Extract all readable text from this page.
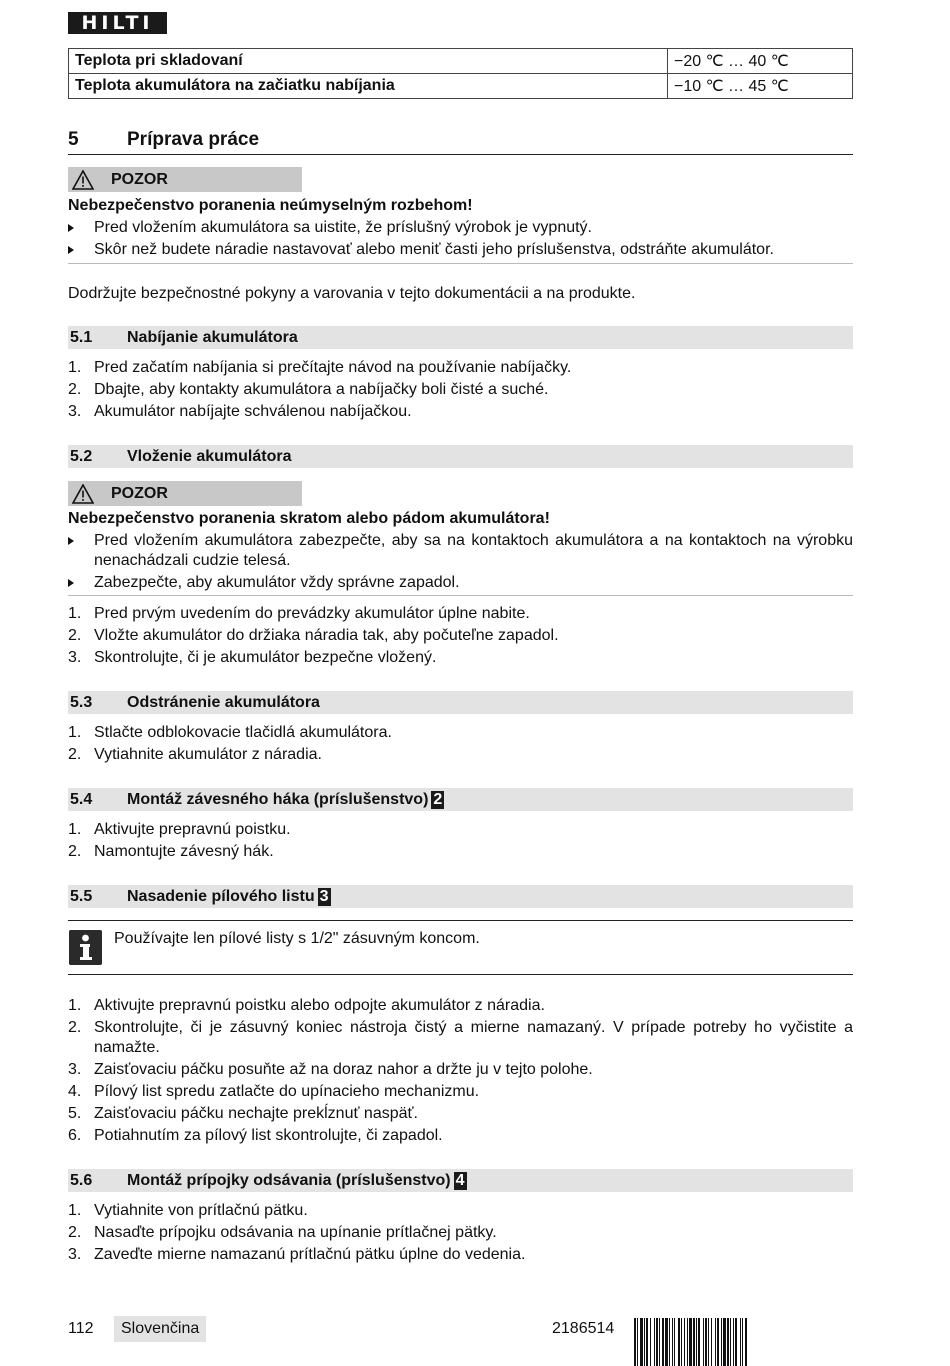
HILTI
Teplota pri skladovaní	−20 ℃ … 40 ℃
Teplota akumulátora na začiatku nabíjania	−10 ℃ … 45 ℃
5	Príprava práce
POZOR
Nebezpečenstvo poranenia neúmyselným rozbehom!
Pred vložením akumulátora sa uistite, že príslušný výrobok je vypnutý.
Skôr než budete náradie nastavovať alebo meniť časti jeho príslušenstva, odstráňte akumulátor.
Dodržujte bezpečnostné pokyny a varovania v tejto dokumentácii a na produkte.
5.1 Nabíjanie akumulátora
1. Pred začatím nabíjania si prečítajte návod na používanie nabíjačky.
2. Dbajte, aby kontakty akumulátora a nabíjačky boli čisté a suché.
3. Akumulátor nabíjajte schválenou nabíjačkou.
5.2 Vloženie akumulátora
POZOR
Nebezpečenstvo poranenia skratom alebo pádom akumulátora!
Pred vložením akumulátora zabezpečte, aby sa na kontaktoch akumulátora a na kontaktoch na výrobku nenachádzali cudzie telesá.
Zabezpečte, aby akumulátor vždy správne zapadol.
1. Pred prvým uvedením do prevádzky akumulátor úplne nabite.
2. Vložte akumulátor do držiaka náradia tak, aby počuteľne zapadol.
3. Skontrolujte, či je akumulátor bezpečne vložený.
5.3 Odstránenie akumulátora
1. Stlačte odblokovacie tlačidlá akumulátora.
2. Vytiahnite akumulátor z náradia.
5.4 Montáž závesného háka (príslušenstvo) 2
1. Aktivujte prepravnú poistku.
2. Namontujte závesný hák.
5.5 Nasadenie pílového listu 3
Používajte len pílové listy s 1/2" zásuvným koncom.
1. Aktivujte prepravnú poistku alebo odpojte akumulátor z náradia.
2. Skontrolujte, či je zásuvný koniec nástroja čistý a mierne namazaný. V prípade potreby ho vyčistite a namažte.
3. Zaisťovaciu páčku posuňte až na doraz nahor a držte ju v tejto polohe.
4. Pílový list spredu zatlačte do upínacieho mechanizmu.
5. Zaisťovaciu páčku nechajte prekĺznuť naspäť.
6. Potiahnutím za pílový list skontrolujte, či zapadol.
5.6 Montáž prípojky odsávania (príslušenstvo) 4
1. Vytiahnite von prítlačnú pätku.
2. Nasaďte prípojku odsávania na upínanie prítlačnej pätky.
3. Zaveďte mierne namazanú prítlačnú pätku úplne do vedenia.
112	Slovenčina	2186514
